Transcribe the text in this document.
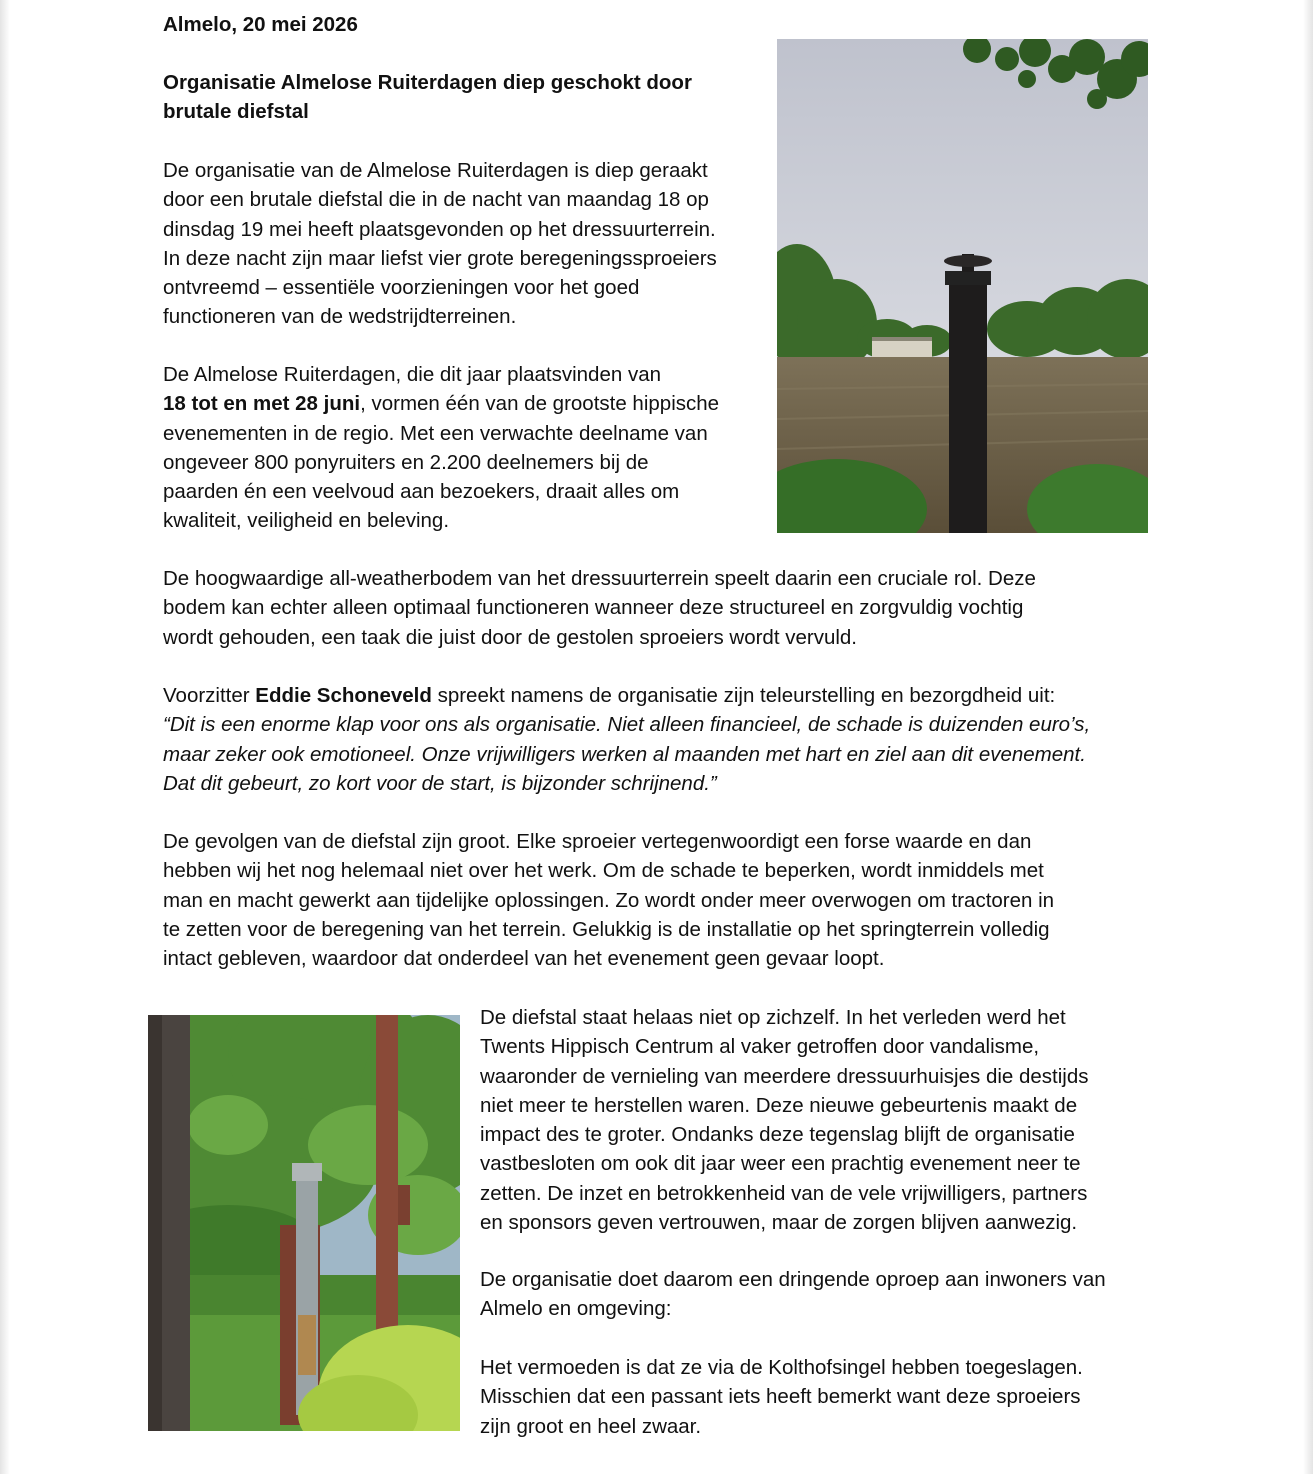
Almelo, 20 mei 2026

Organisatie Almelose Ruiterdagen diep geschokt door

brutale diefstal

De organisatie van de Almelose Ruiterdagen is diep geraakt

door een brutale diefstal die in de nacht van maandag 18 op

dinsdag 19 mei heeft plaatsgevonden op het dressuurterrein.

In deze nacht zijn maar liefst vier grote beregeningssproeiers

ontvreemd – essentiële voorzieningen voor het goed

functioneren van de wedstrijdterreinen.

De Almelose Ruiterdagen, die dit jaar plaatsvinden van

18 tot en met 28 juni, vormen één van de grootste hippische

evenementen in de regio. Met een verwachte deelname van

ongeveer 800 ponyruiters en 2.200 deelnemers bij de

paarden én een veelvoud aan bezoekers, draait alles om

kwaliteit, veiligheid en beleving.

De hoogwaardige all-weatherbodem van het dressuurterrein speelt daarin een cruciale rol. Deze

bodem kan echter alleen optimaal functioneren wanneer deze structureel en zorgvuldig vochtig

wordt gehouden, een taak die juist door de gestolen sproeiers wordt vervuld.

Voorzitter Eddie Schoneveld spreekt namens de organisatie zijn teleurstelling en bezorgdheid uit:

“Dit is een enorme klap voor ons als organisatie. Niet alleen financieel, de schade is duizenden euro’s,

maar zeker ook emotioneel. Onze vrijwilligers werken al maanden met hart en ziel aan dit evenement.

Dat dit gebeurt, zo kort voor de start, is bijzonder schrijnend.”

De gevolgen van de diefstal zijn groot. Elke sproeier vertegenwoordigt een forse waarde en dan

hebben wij het nog helemaal niet over het werk. Om de schade te beperken, wordt inmiddels met

man en macht gewerkt aan tijdelijke oplossingen. Zo wordt onder meer overwogen om tractoren in

te zetten voor de beregening van het terrein. Gelukkig is de installatie op het springterrein volledig

intact gebleven, waardoor dat onderdeel van het evenement geen gevaar loopt.

De diefstal staat helaas niet op zichzelf. In het verleden werd het

Twents Hippisch Centrum al vaker getroffen door vandalisme,

waaronder de vernieling van meerdere dressuurhuisjes die destijds

niet meer te herstellen waren. Deze nieuwe gebeurtenis maakt de

impact des te groter. Ondanks deze tegenslag blijft de organisatie

vastbesloten om ook dit jaar weer een prachtig evenement neer te

zetten. De inzet en betrokkenheid van de vele vrijwilligers, partners

en sponsors geven vertrouwen, maar de zorgen blijven aanwezig.

De organisatie doet daarom een dringende oproep aan inwoners van

Almelo en omgeving:

Het vermoeden is dat ze via de Kolthofsingel hebben toegeslagen.

Misschien dat een passant iets heeft bemerkt want deze sproeiers

zijn groot en heel zwaar.
